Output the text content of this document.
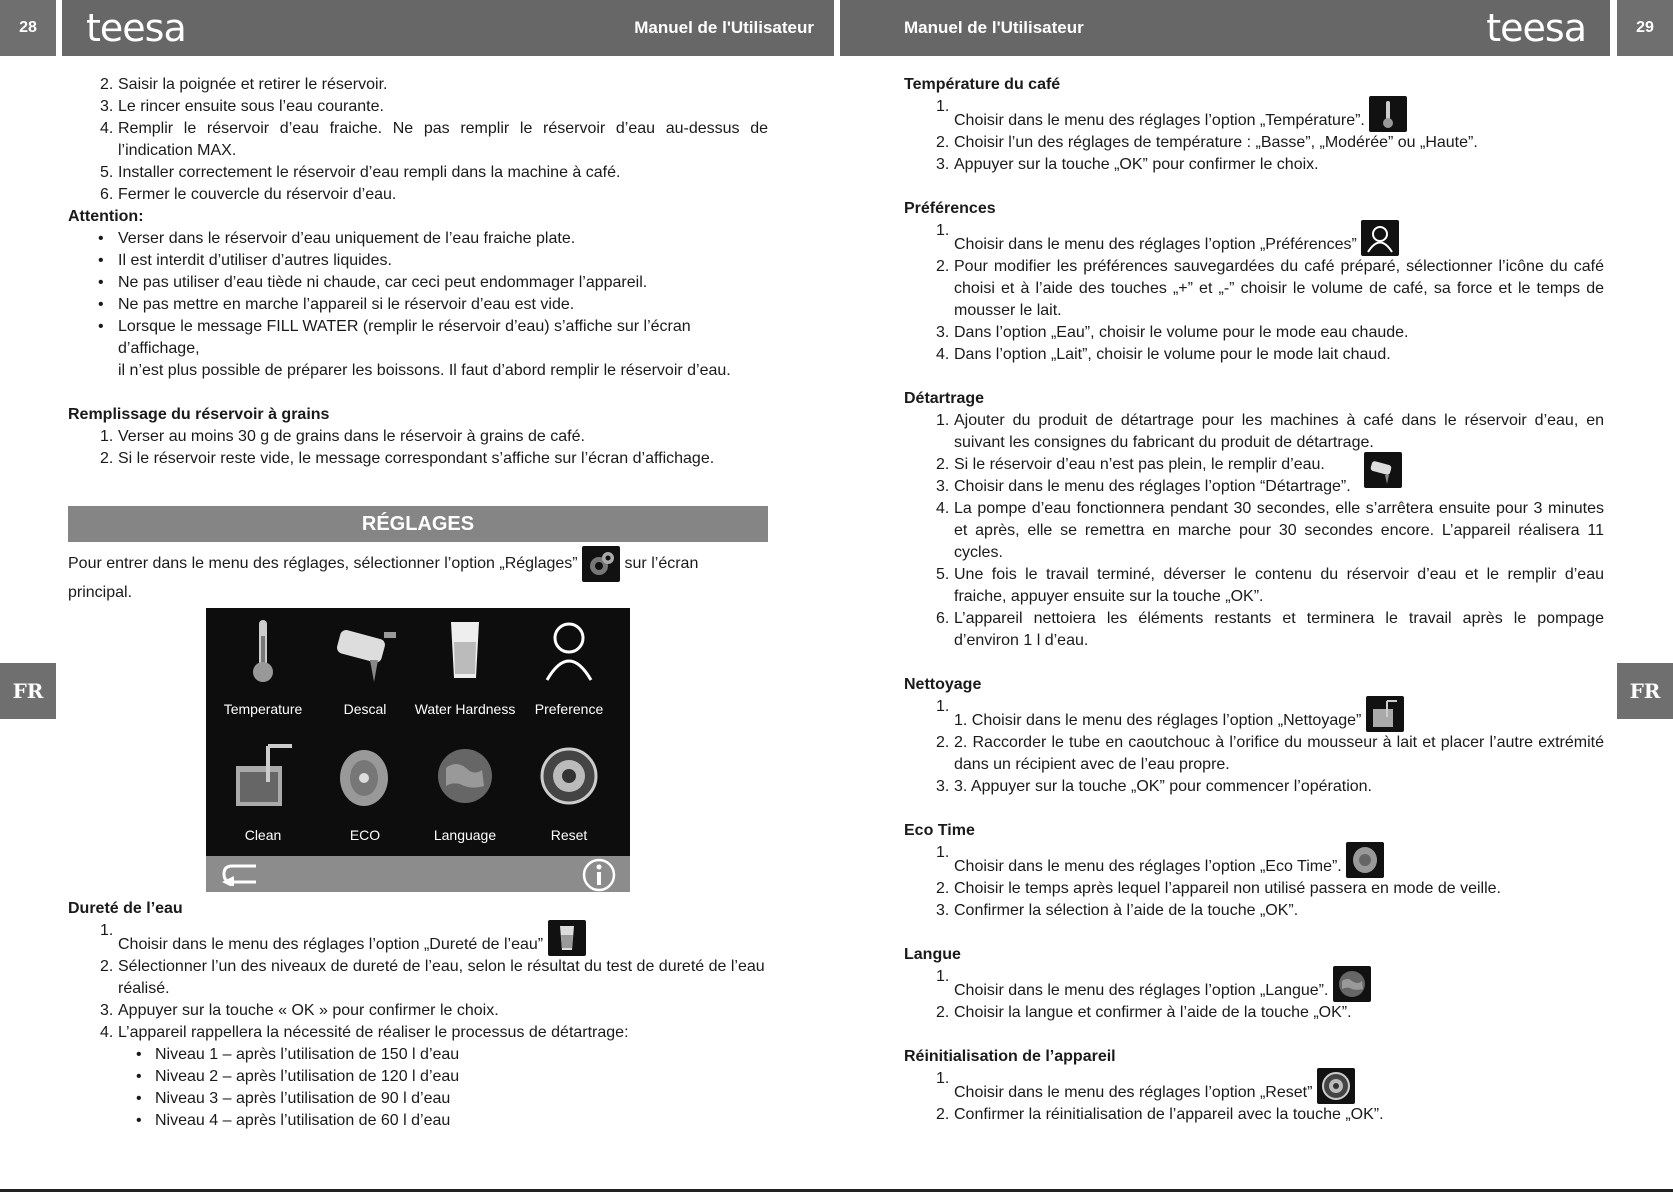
28	teesa	Manuel de l'Utilisateur	Manuel de l'Utilisateur	teesa	29
FR	FR
2. Saisir la poignée et retirer le réservoir.
3. Le rincer ensuite sous l’eau courante.
4. Remplir le réservoir d’eau fraiche. Ne pas remplir le réservoir d’eau au-dessus de
l’indication MAX.
5. Installer correctement le réservoir d’eau rempli dans la machine à café.
6. Fermer le couvercle du réservoir d’eau.
Attention:
• Verser dans le réservoir d’eau uniquement de l’eau fraiche plate.
• Il est interdit d’utiliser d’autres liquides.
• Ne pas utiliser d’eau tiède ni chaude, car ceci peut endommager l’appareil.
• Ne pas mettre en marche l’appareil si le réservoir d’eau est vide.
• Lorsque le message FILL WATER (remplir le réservoir d’eau) s’affiche sur l’écran d’affichage,
il n’est plus possible de préparer les boissons. Il faut d’abord remplir le réservoir d’eau.
Remplissage du réservoir à grains
1. Verser au moins 30 g de grains dans le réservoir à grains de café.
2. Si le réservoir reste vide, le message correspondant s’affiche sur l’écran d’affichage.
RÉGLAGES
Pour entrer dans le menu des réglages, sélectionner l’option „Réglages”	sur l’écran
principal.
Temperature	Descal	Water Hardness	Preference
Clean	ECO	Language	Reset
Dureté de l’eau
1.
Choisir dans le menu des réglages l’option „Dureté de l’eau”
2. Sélectionner l’un des niveaux de dureté de l’eau, selon le résultat du test de dureté de l’eau
réalisé.
3. Appuyer sur la touche « OK » pour confirmer le choix.
4. L’appareil rappellera la nécessité de réaliser le processus de détartrage:
• Niveau 1 – après l’utilisation de 150 l d’eau
• Niveau 2 – après l’utilisation de 120 l d’eau
• Niveau 3 – après l’utilisation de 90 l d’eau
• Niveau 4 – après l’utilisation de 60 l d’eau
Température du café
1.
Choisir dans le menu des réglages l’option „Température”.
2. Choisir l’un des réglages de température : „Basse”, „Modérée” ou „Haute”.
3. Appuyer sur la touche „OK” pour confirmer le choix.
Préférences
1.
Choisir dans le menu des réglages l’option „Préférences”
2. Pour modifier les préférences sauvegardées du café préparé, sélectionner l’icône du café
choisi et à l’aide des touches „+” et „-” choisir le volume de café, sa force et le temps de
mousser le lait.
3. Dans l’option „Eau”, choisir le volume pour le mode eau chaude.
4. Dans l’option „Lait”, choisir le volume pour le mode lait chaud.
Détartrage
1. Ajouter du produit de détartrage pour les machines à café dans le réservoir d’eau, en
suivant les consignes du fabricant du produit de détartrage.
2. Si le réservoir d’eau n’est pas plein, le remplir d’eau.
3. Choisir dans le menu des réglages l’option “Détartrage”.
4. La pompe d’eau fonctionnera pendant 30 secondes, elle s’arrêtera ensuite pour 3 minutes
et après, elle se remettra en marche pour 30 secondes encore. L’appareil réalisera 11
cycles.
5. Une fois le travail terminé, déverser le contenu du réservoir d’eau et le remplir d’eau
fraiche, appuyer ensuite sur la touche „OK”.
6. L’appareil nettoiera les éléments restants et terminera le travail après le pompage
d’environ 1 l d’eau.
Nettoyage
1.
1. Choisir dans le menu des réglages l’option „Nettoyage”
2. 2. Raccorder le tube en caoutchouc à l’orifice du mousseur à lait et placer l’autre extrémité
dans un récipient avec de l’eau propre.
3. 3. Appuyer sur la touche „OK” pour commencer l’opération.
Eco Time
1.
Choisir dans le menu des réglages l’option „Eco Time”.
2. Choisir le temps après lequel l’appareil non utilisé passera en mode de veille.
3. Confirmer la sélection à l’aide de la touche „OK”.
Langue
1.
Choisir dans le menu des réglages l’option „Langue”.
2. Choisir la langue et confirmer à l’aide de la touche „OK”.
Réinitialisation de l’appareil
1.
Choisir dans le menu des réglages l’option „Reset”
2. Confirmer la réinitialisation de l’appareil avec la touche „OK”.
